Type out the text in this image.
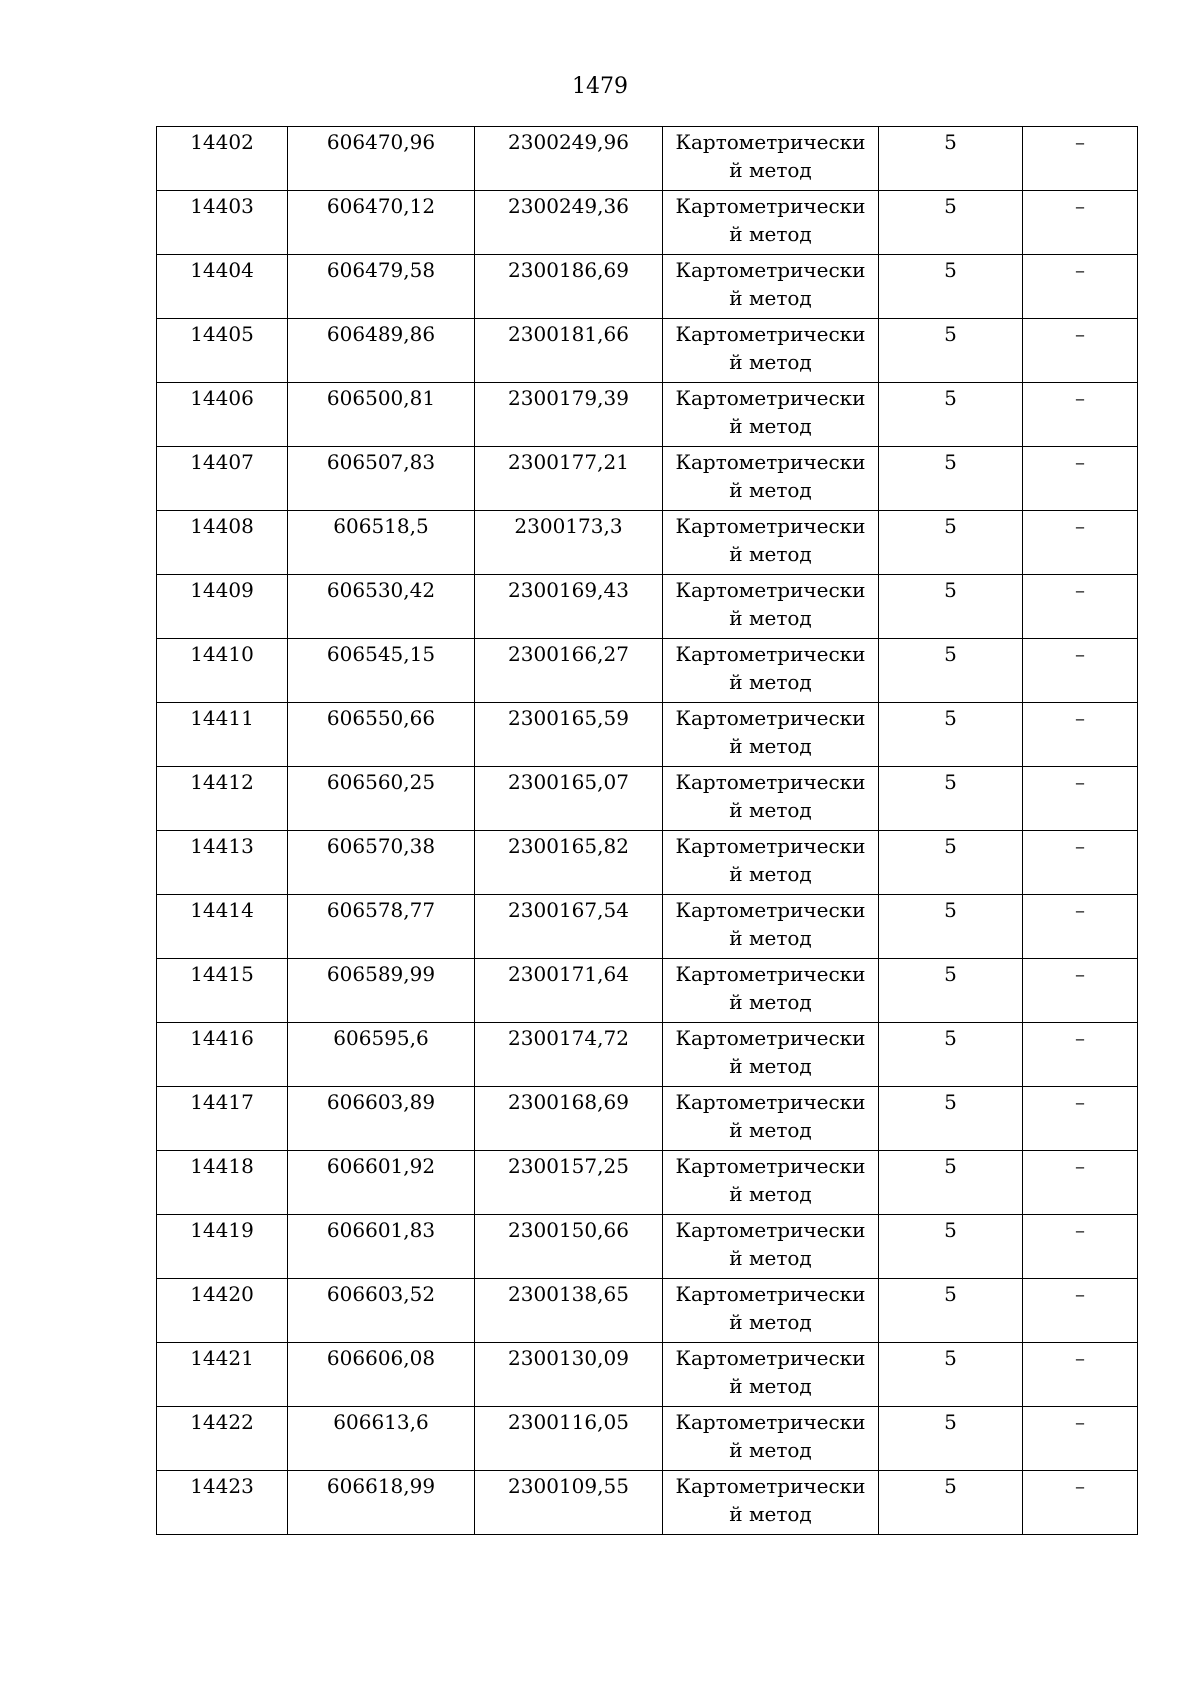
1479
14402	606470,96	2300249,96	Картометрически й метод	5	–
14403	606470,12	2300249,36	Картометрически й метод	5	–
14404	606479,58	2300186,69	Картометрически й метод	5	–
14405	606489,86	2300181,66	Картометрически й метод	5	–
14406	606500,81	2300179,39	Картометрически й метод	5	–
14407	606507,83	2300177,21	Картометрически й метод	5	–
14408	606518,5	2300173,3	Картометрически й метод	5	–
14409	606530,42	2300169,43	Картометрически й метод	5	–
14410	606545,15	2300166,27	Картометрически й метод	5	–
14411	606550,66	2300165,59	Картометрически й метод	5	–
14412	606560,25	2300165,07	Картометрически й метод	5	–
14413	606570,38	2300165,82	Картометрически й метод	5	–
14414	606578,77	2300167,54	Картометрически й метод	5	–
14415	606589,99	2300171,64	Картометрически й метод	5	–
14416	606595,6	2300174,72	Картометрически й метод	5	–
14417	606603,89	2300168,69	Картометрически й метод	5	–
14418	606601,92	2300157,25	Картометрически й метод	5	–
14419	606601,83	2300150,66	Картометрически й метод	5	–
14420	606603,52	2300138,65	Картометрически й метод	5	–
14421	606606,08	2300130,09	Картометрически й метод	5	–
14422	606613,6	2300116,05	Картометрически й метод	5	–
14423	606618,99	2300109,55	Картометрически й метод	5	–
